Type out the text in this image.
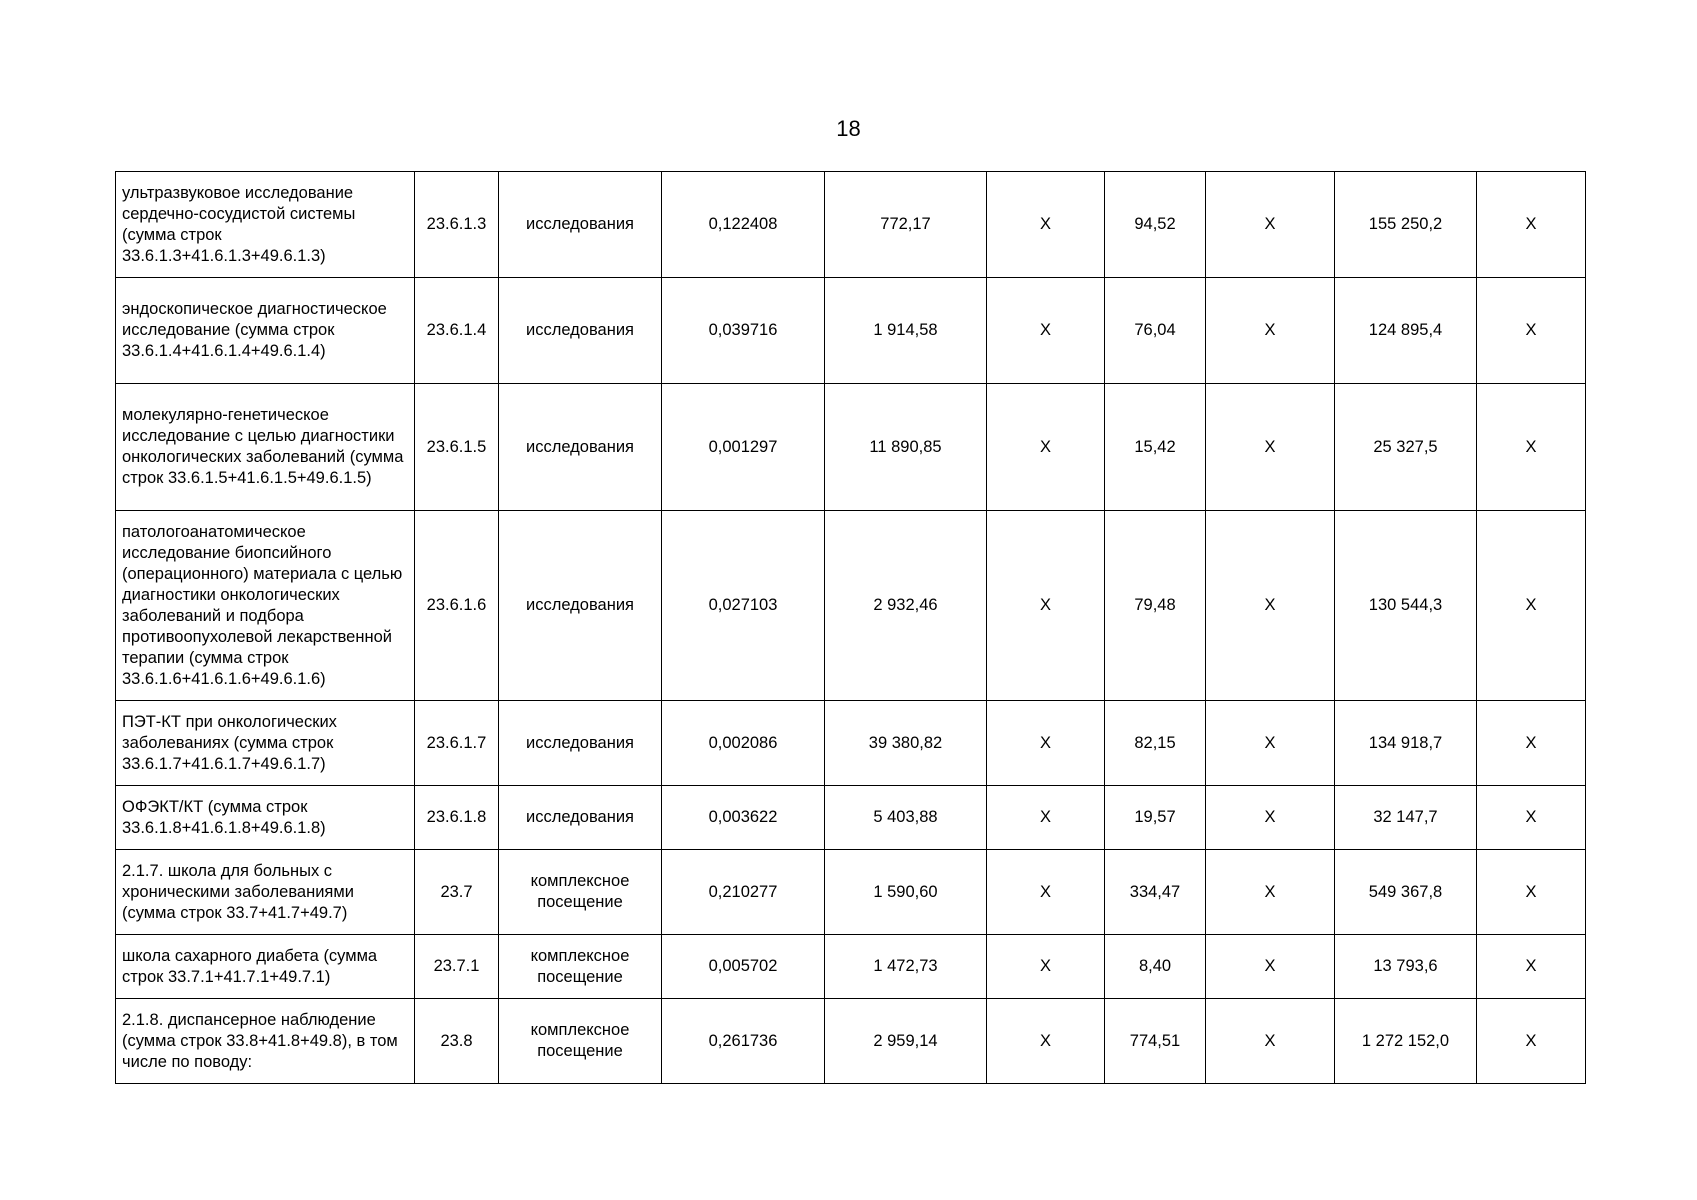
18
ультразвуковое исследование сердечно-сосудистой системы (сумма строк 33.6.1.3+41.6.1.3+49.6.1.3)	23.6.1.3	исследования	0,122408	772,17	Х	94,52	Х	155 250,2	Х
эндоскопическое диагностическое исследование (сумма строк 33.6.1.4+41.6.1.4+49.6.1.4)	23.6.1.4	исследования	0,039716	1 914,58	Х	76,04	Х	124 895,4	Х
молекулярно-генетическое исследование с целью диагностики онкологических заболеваний (сумма строк 33.6.1.5+41.6.1.5+49.6.1.5)	23.6.1.5	исследования	0,001297	11 890,85	Х	15,42	Х	25 327,5	Х
патологоанатомическое исследование биопсийного (операционного) материала с целью диагностики онкологических заболеваний и подбора противоопухолевой лекарственной терапии (сумма строк 33.6.1.6+41.6.1.6+49.6.1.6)	23.6.1.6	исследования	0,027103	2 932,46	Х	79,48	Х	130 544,3	Х
ПЭТ-КТ при онкологических заболеваниях (сумма строк 33.6.1.7+41.6.1.7+49.6.1.7)	23.6.1.7	исследования	0,002086	39 380,82	Х	82,15	Х	134 918,7	Х
ОФЭКТ/КТ (сумма строк 33.6.1.8+41.6.1.8+49.6.1.8)	23.6.1.8	исследования	0,003622	5 403,88	Х	19,57	Х	32 147,7	Х
2.1.7. школа для больных с хроническими заболеваниями (сумма строк 33.7+41.7+49.7)	23.7	комплексное посещение	0,210277	1 590,60	Х	334,47	Х	549 367,8	Х
школа сахарного диабета (сумма строк 33.7.1+41.7.1+49.7.1)	23.7.1	комплексное посещение	0,005702	1 472,73	Х	8,40	Х	13 793,6	Х
2.1.8. диспансерное наблюдение (сумма строк 33.8+41.8+49.8), в том числе по поводу:	23.8	комплексное посещение	0,261736	2 959,14	Х	774,51	Х	1 272 152,0	Х
